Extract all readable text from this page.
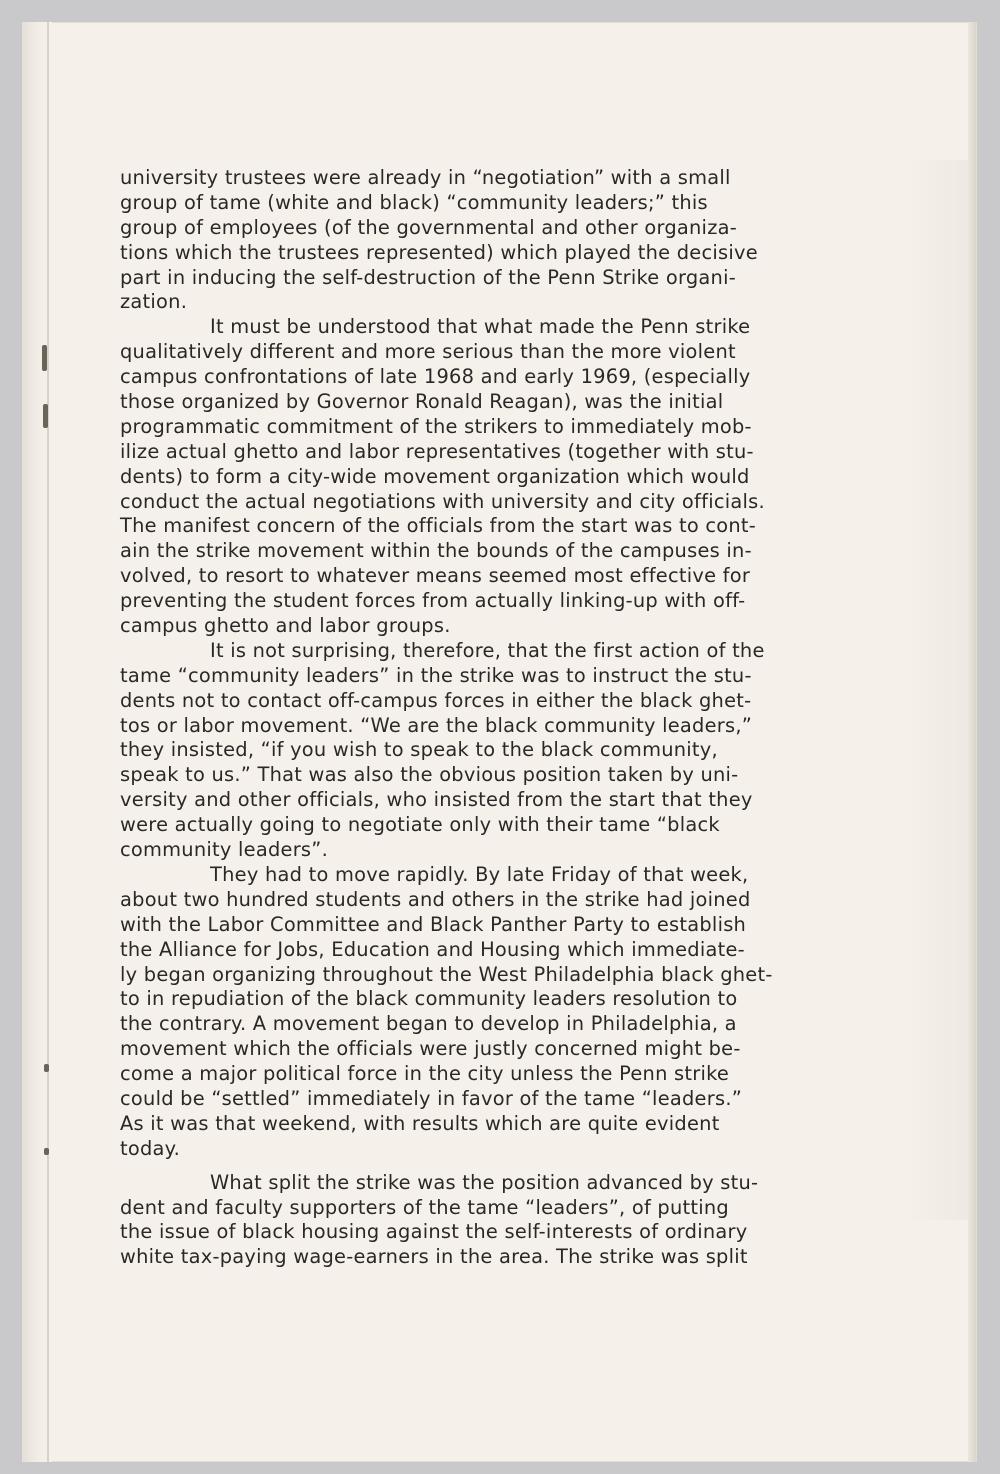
university trustees were already in “negotiation” with a small
group of tame (white and black) “community leaders;” this
group of employees (of the governmental and other organiza-
tions which the trustees represented) which played the decisive
part in inducing the self-destruction of the Penn Strike organi-
zation.
It must be understood that what made the Penn strike
qualitatively different and more serious than the more violent
campus confrontations of late 1968 and early 1969, (especially
those organized by Governor Ronald Reagan), was the initial
programmatic commitment of the strikers to immediately mob-
ilize actual ghetto and labor representatives (together with stu-
dents) to form a city-wide movement organization which would
conduct the actual negotiations with university and city officials.
The manifest concern of the officials from the start was to cont-
ain the strike movement within the bounds of the campuses in-
volved, to resort to whatever means seemed most effective for
preventing the student forces from actually linking-up with off-
campus ghetto and labor groups.
It is not surprising, therefore, that the first action of the
tame “community leaders” in the strike was to instruct the stu-
dents not to contact off-campus forces in either the black ghet-
tos or labor movement. “We are the black community leaders,”
they insisted, “if you wish to speak to the black community,
speak to us.” That was also the obvious position taken by uni-
versity and other officials, who insisted from the start that they
were actually going to negotiate only with their tame “black
community leaders”.
They had to move rapidly. By late Friday of that week,
about two hundred students and others in the strike had joined
with the Labor Committee and Black Panther Party to establish
the Alliance for Jobs, Education and Housing which immediate-
ly began organizing throughout the West Philadelphia black ghet-
to in repudiation of the black community leaders resolution to
the contrary. A movement began to develop in Philadelphia, a
movement which the officials were justly concerned might be-
come a major political force in the city unless the Penn strike
could be “settled” immediately in favor of the tame “leaders.”
As it was that weekend, with results which are quite evident
today.
What split the strike was the position advanced by stu-
dent and faculty supporters of the tame “leaders”, of putting
the issue of black housing against the self-interests of ordinary
white tax-paying wage-earners in the area. The strike was split
